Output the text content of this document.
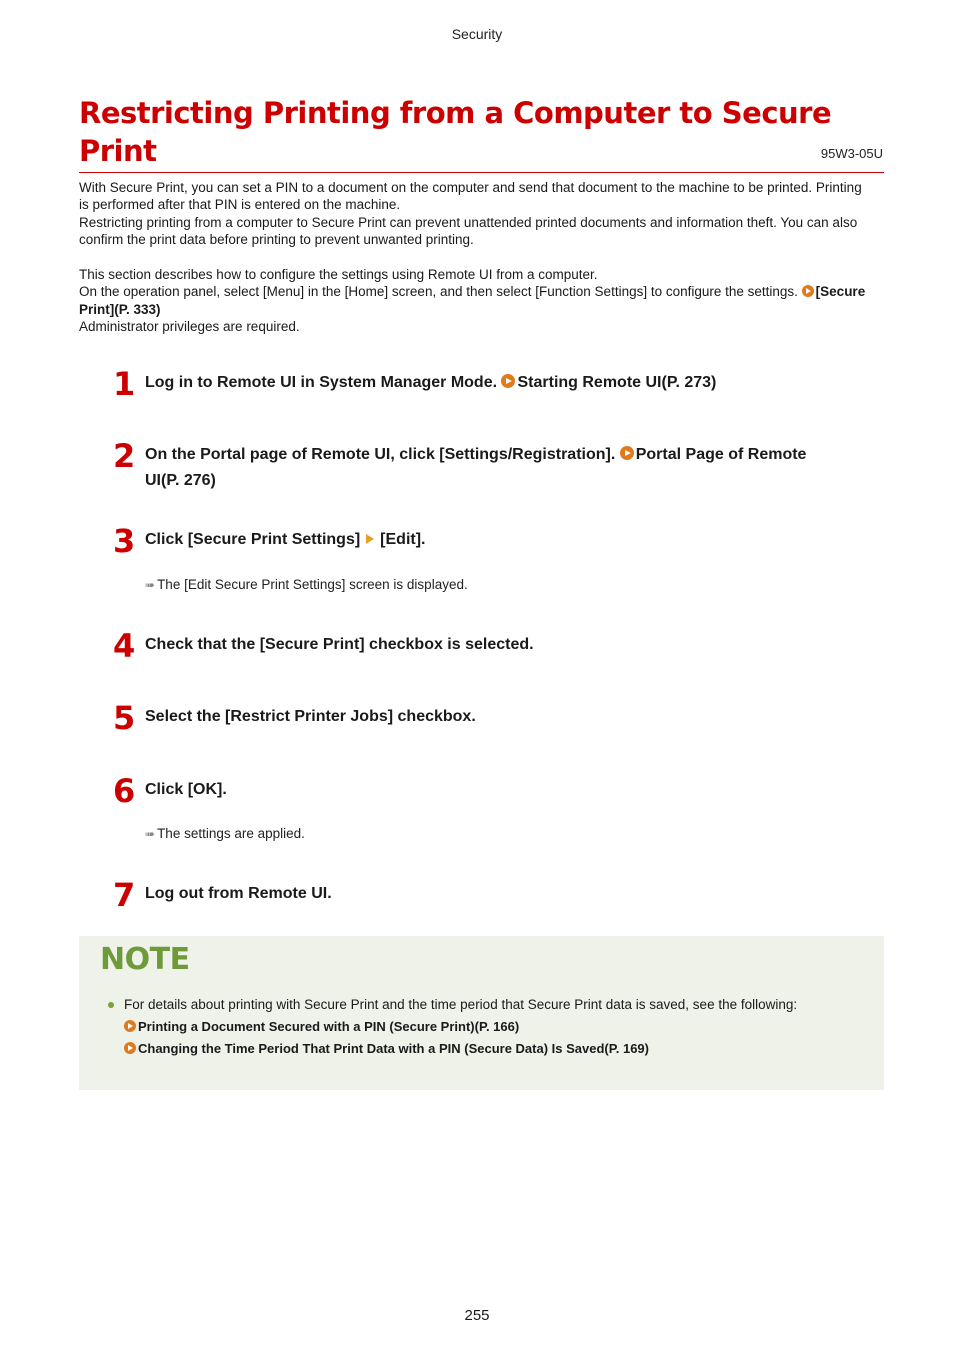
Security
Restricting Printing from a Computer to Secure Print	95W3-05U

With Secure Print, you can set a PIN to a document on the computer and send that document to the machine to be printed. Printing is performed after that PIN is entered on the machine.

Restricting printing from a computer to Secure Print can prevent unattended printed documents and information theft. You can also confirm the print data before printing to prevent unwanted printing.

This section describes how to configure the settings using Remote UI from a computer.

On the operation panel, select [Menu] in the [Home] screen, and then select [Function Settings] to configure the settings. [Secure Print](P. 333)

Administrator privileges are required.

1 Log in to Remote UI in System Manager Mode. Starting Remote UI(P. 273)
2 On the Portal page of Remote UI, click [Settings/Registration]. Portal Page of Remote UI(P. 276)
3 Click [Secure Print Settings] [Edit].
➠ The [Edit Secure Print Settings] screen is displayed.
4 Check that the [Secure Print] checkbox is selected.
5 Select the [Restrict Printer Jobs] checkbox.
6 Click [OK].
➠ The settings are applied.
7 Log out from Remote UI.
NOTE
For details about printing with Secure Print and the time period that Secure Print data is saved, see the following:
Printing a Document Secured with a PIN (Secure Print)(P. 166)
Changing the Time Period That Print Data with a PIN (Secure Data) Is Saved(P. 169)
255
